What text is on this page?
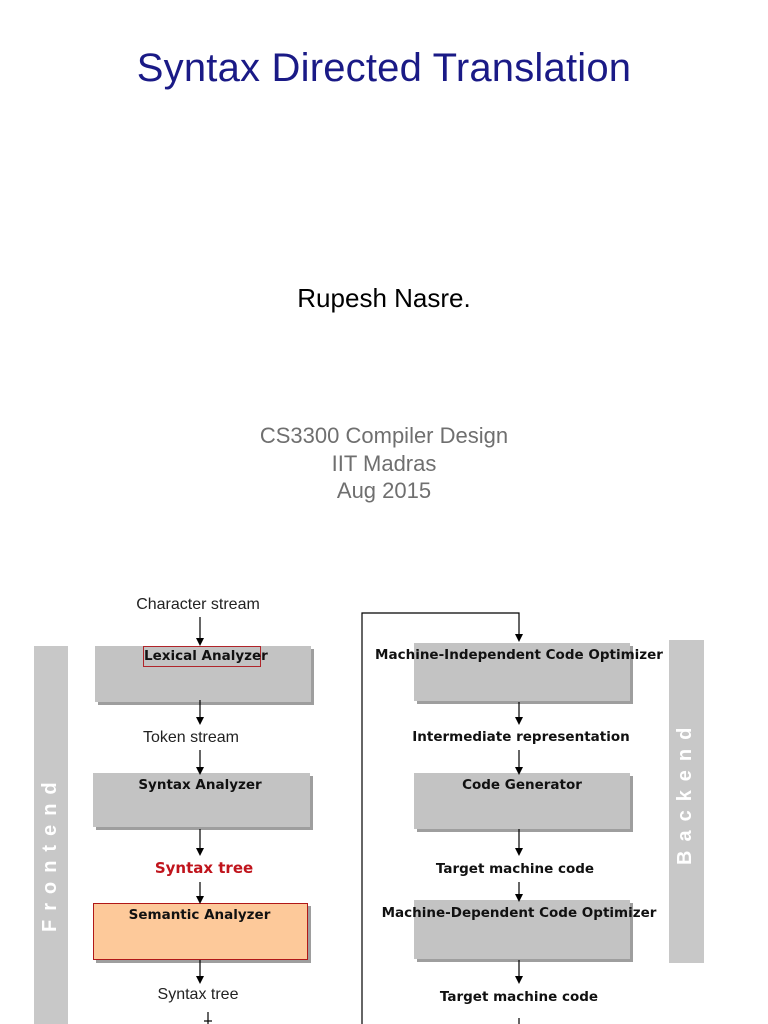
Syntax Directed Translation
Rupesh Nasre.
CS3300 Compiler Design
IIT Madras
Aug 2015
Frontend	Backend
Character stream
Lexical Analyzer
Token stream
Syntax Analyzer
Syntax tree
Semantic Analyzer
Syntax tree
Machine-Independent Code Optimizer
Intermediate representation
Code Generator
Target machine code
Machine-Dependent Code Optimizer
Target machine code
